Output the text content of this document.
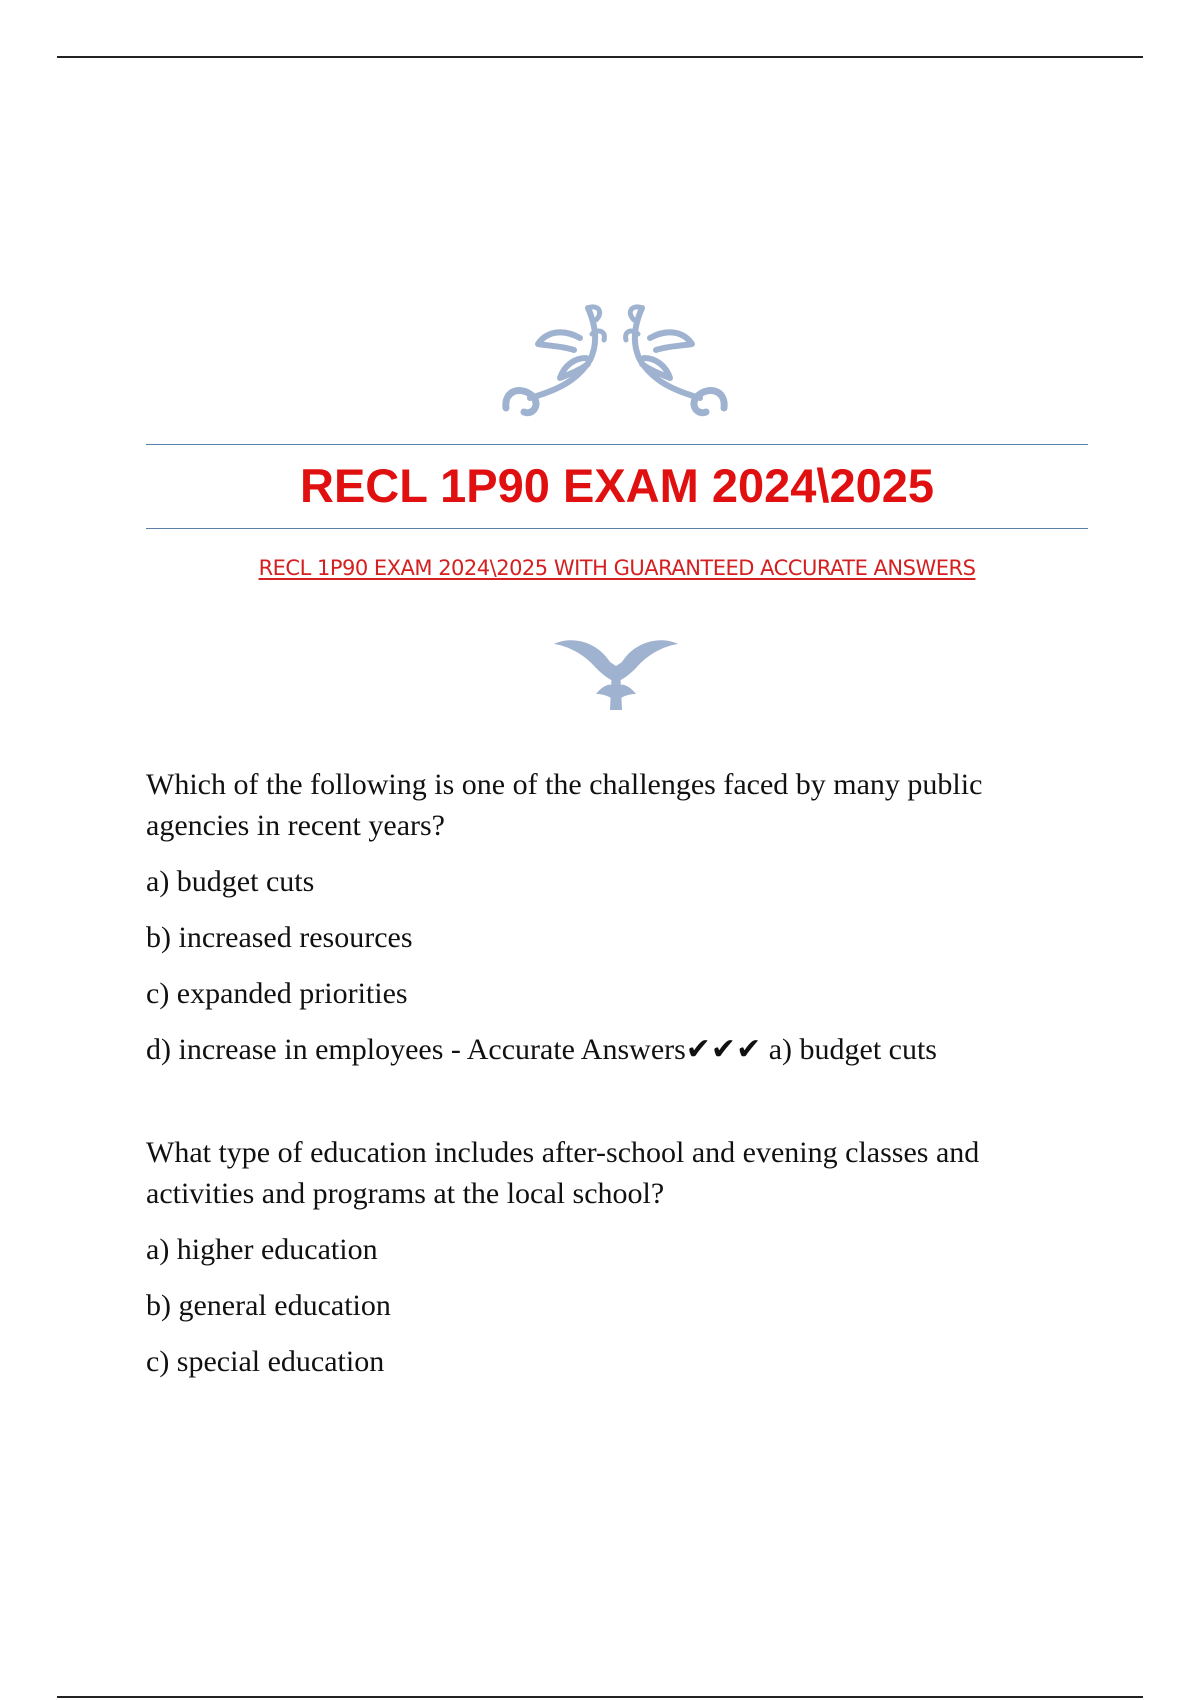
RECL 1P90 EXAM 2024\2025

RECL 1P90 EXAM 2024\2025 WITH GUARANTEED ACCURATE ANSWERS

Which of the following is one of the challenges faced by many public agencies in recent years?

a) budget cuts

b) increased resources

c) expanded priorities

d) increase in employees - Accurate Answers✔✔✔ a) budget cuts

What type of education includes after-school and evening classes and activities and programs at the local school?

a) higher education

b) general education

c) special education
